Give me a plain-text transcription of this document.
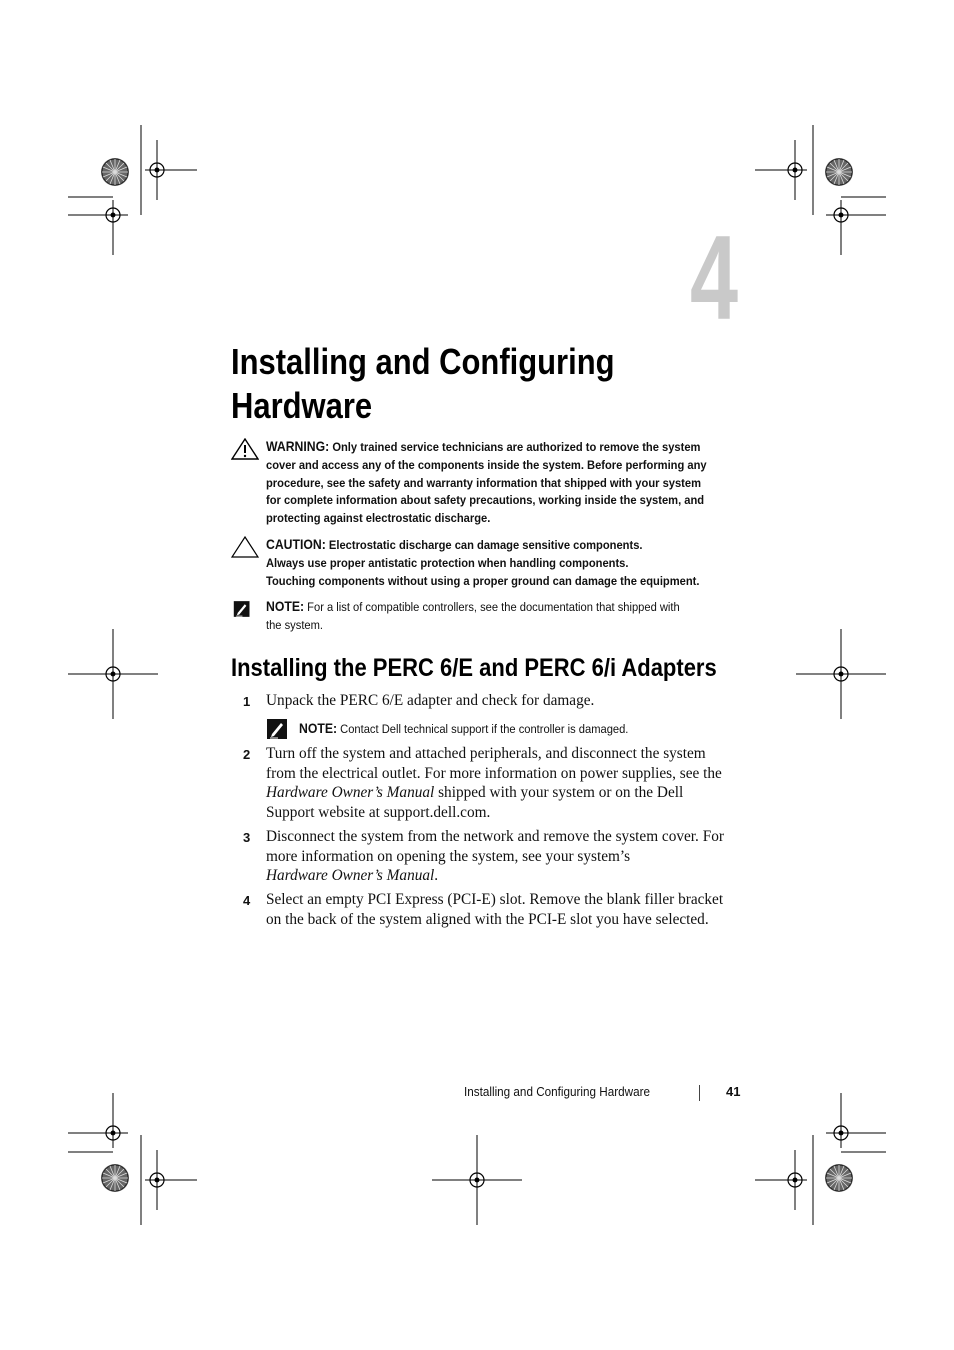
4
Installing and Configuring
Hardware
WARNING: Only trained service technicians are authorized to remove the system
cover and access any of the components inside the system. Before performing any
procedure, see the safety and warranty information that shipped with your system
for complete information about safety precautions, working inside the system, and
protecting against electrostatic discharge.
CAUTION: Electrostatic discharge can damage sensitive components.
Always use proper antistatic protection when handling components.
Touching components without using a proper ground can damage the equipment.
NOTE: For a list of compatible controllers, see the documentation that shipped with
the system.
Installing the PERC 6/E and PERC 6/i Adapters
1 Unpack the PERC 6/E adapter and check for damage.
NOTE: Contact Dell technical support if the controller is damaged.
2 Turn off the system and attached peripherals, and disconnect the system
from the electrical outlet. For more information on power supplies, see the
Hardware Owner’s Manual shipped with your system or on the Dell
Support website at support.dell.com.
3 Disconnect the system from the network and remove the system cover. For
more information on opening the system, see your system’s
Hardware Owner’s Manual.
4 Select an empty PCI Express (PCI-E) slot. Remove the blank filler bracket
on the back of the system aligned with the PCI-E slot you have selected.
Installing and Configuring Hardware	41
